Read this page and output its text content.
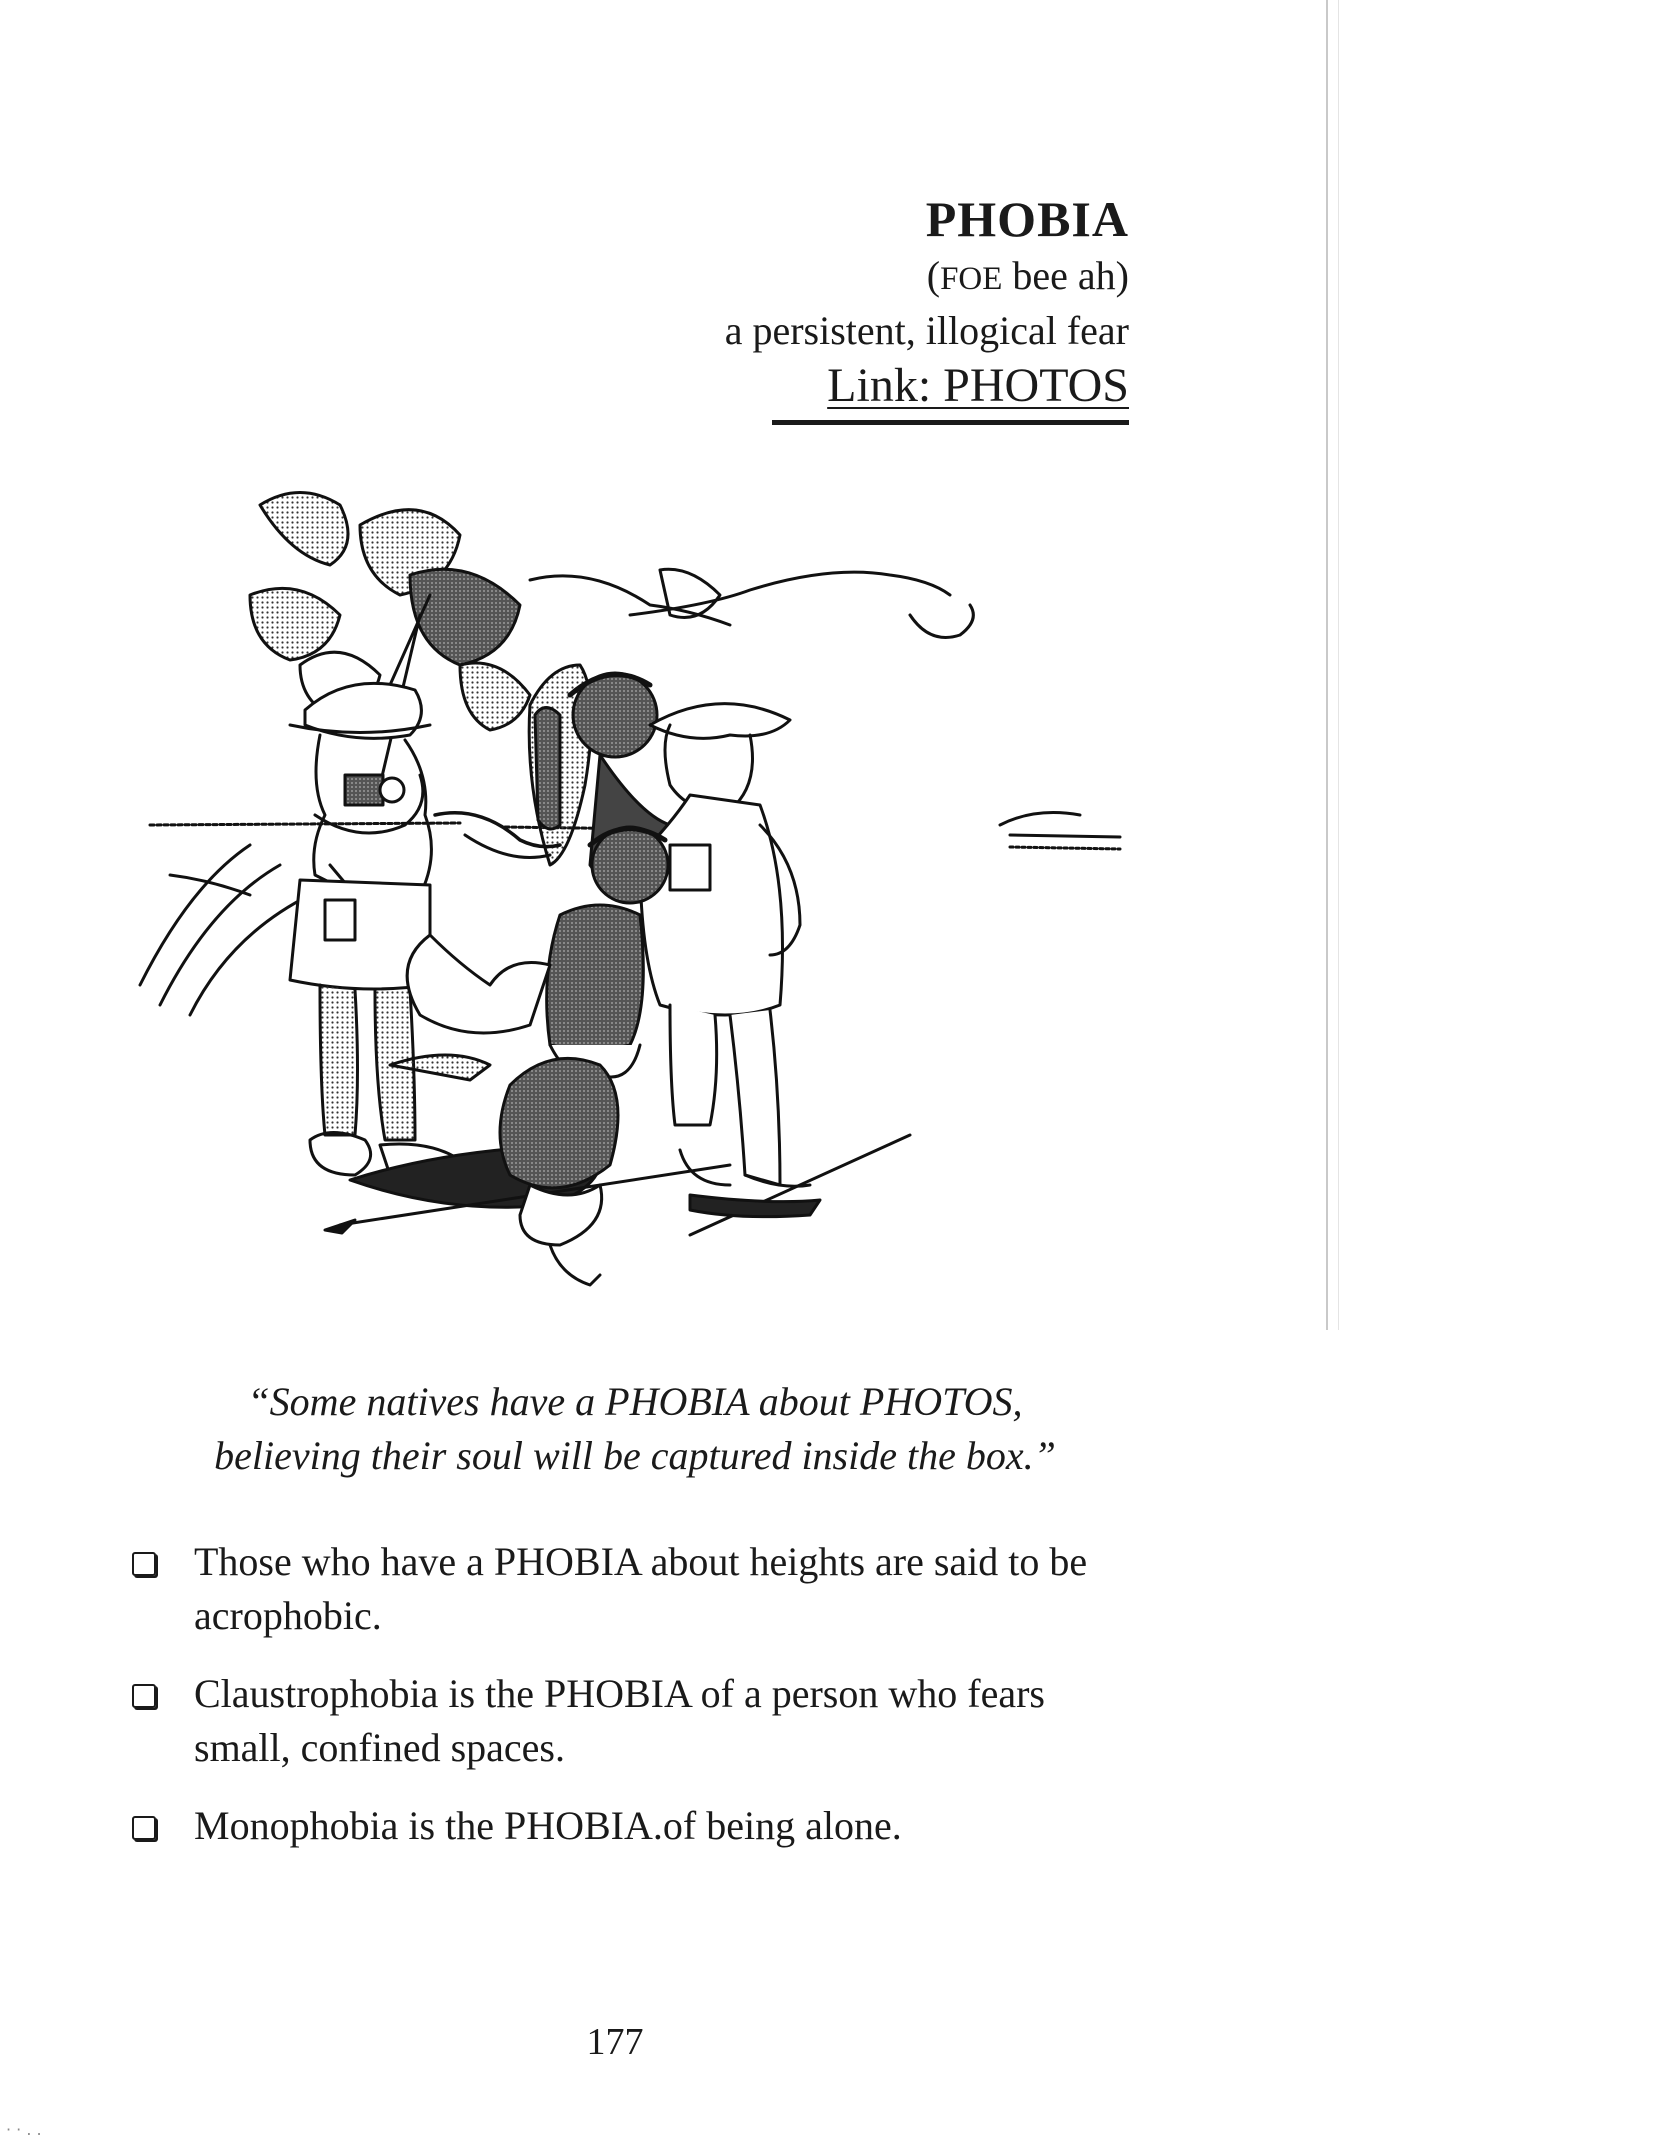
PHOBIA
(FOE bee ah)
a persistent, illogical fear
Link: PHOTOS
“Some natives have a PHOBIA about PHOTOS,
believing their soul will be captured inside the box.”
Those who have a PHOBIA about heights are said to be acrophobic.
Claustrophobia is the PHOBIA of a person who fears small, confined spaces.
Monophobia is the PHOBIA.of being alone.
177
· · . .
